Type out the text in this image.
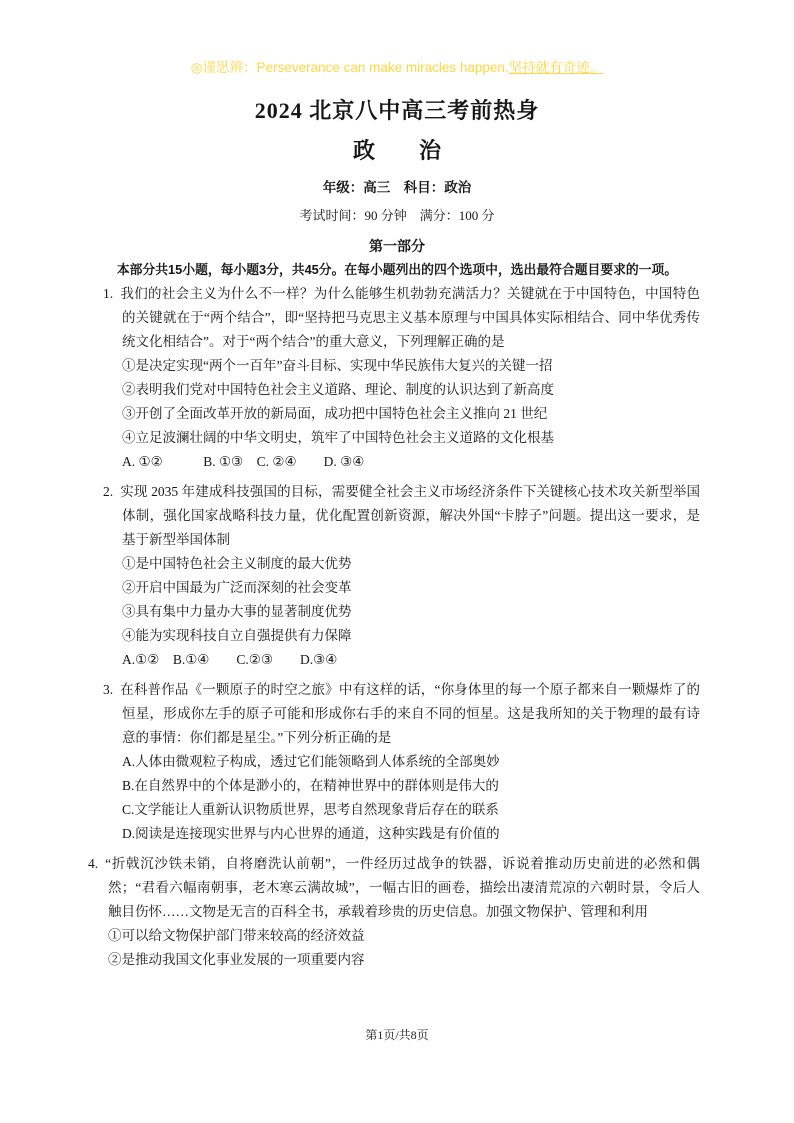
◎谨思辨：Perseverance can make miracles happen.坚持就有奇迹。
2024 北京八中高三考前热身
政　　治
年级：高三　科目：政治
考试时间：90 分钟　满分：100 分
第一部分
本部分共15小题，每小题3分，共45分。在每小题列出的四个选项中，选出最符合题目要求的一项。
1. 我们的社会主义为什么不一样？为什么能够生机勃勃充满活力？关键就在于中国特色，中国特色的关键就在于“两个结合”，即“坚持把马克思主义基本原理与中国具体实际相结合、同中华优秀传统文化相结合”。对于“两个结合”的重大意义，下列理解正确的是
①是决定实现“两个一百年”奋斗目标、实现中华民族伟大复兴的关键一招
②表明我们党对中国特色社会主义道路、理论、制度的认识达到了新高度
③开创了全面改革开放的新局面，成功把中国特色社会主义推向 21 世纪
④立足波澜壮阔的中华文明史，筑牢了中国特色社会主义道路的文化根基
A. ①②　　　B. ①③　C. ②④　　D. ③④
2. 实现 2035 年建成科技强国的目标，需要健全社会主义市场经济条件下关键核心技术攻关新型举国体制，强化国家战略科技力量，优化配置创新资源，解决外国“卡脖子”问题。提出这一要求，是基于新型举国体制
①是中国特色社会主义制度的最大优势
②开启中国最为广泛而深刻的社会变革
③具有集中力量办大事的显著制度优势
④能为实现科技自立自强提供有力保障
A.①②　B.①④　　C.②③　　D.③④
3. 在科普作品《一颗原子的时空之旅》中有这样的话，“你身体里的每一个原子都来自一颗爆炸了的恒星，形成你左手的原子可能和形成你右手的来自不同的恒星。这是我所知的关于物理的最有诗意的事情：你们都是星尘。”下列分析正确的是
A.人体由微观粒子构成，透过它们能领略到人体系统的全部奥妙
B.在自然界中的个体是渺小的，在精神世界中的群体则是伟大的
C.文学能让人重新认识物质世界，思考自然现象背后存在的联系
D.阅读是连接现实世界与内心世界的通道，这种实践是有价值的
4. “折戟沉沙铁未销，自将磨洗认前朝”，一件经历过战争的铁器，诉说着推动历史前进的必然和偶然；“君看六幅南朝事，老木寒云满故城”，一幅古旧的画卷，描绘出凄清荒凉的六朝时景，令后人触目伤怀……文物是无言的百科全书，承载着珍贵的历史信息。加强文物保护、管理和利用
①可以给文物保护部门带来较高的经济效益
②是推动我国文化事业发展的一项重要内容
第1页/共8页
